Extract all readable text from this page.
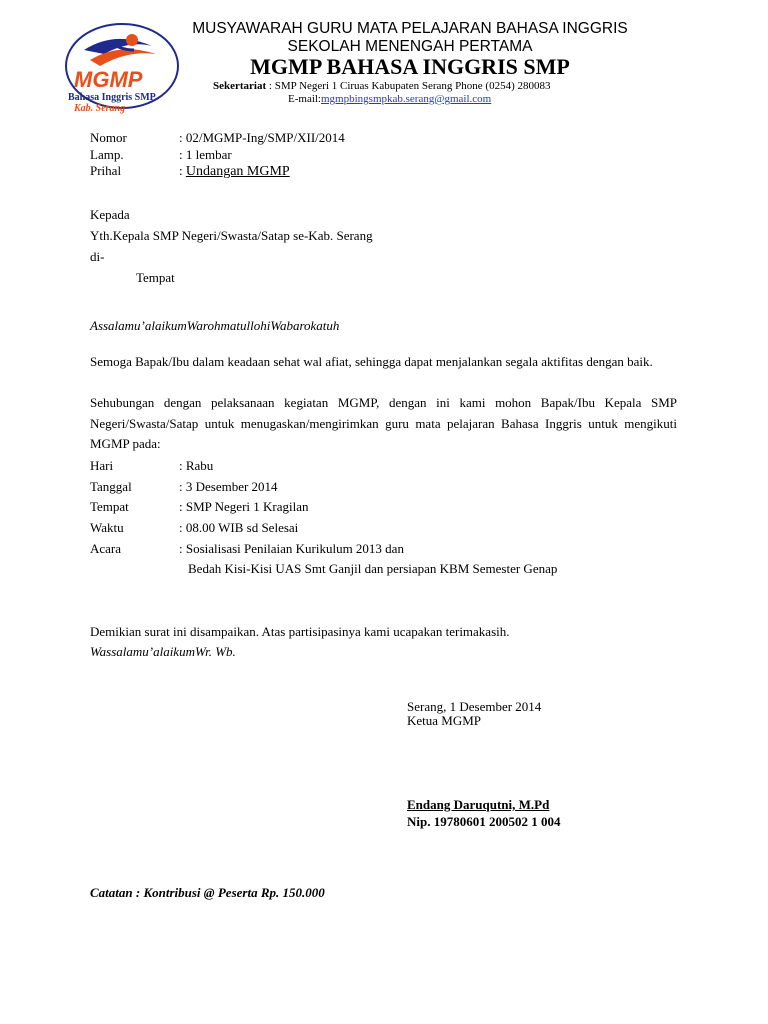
MGMP
Bahasa Inggris SMP
Kab. Serang
MUSYAWARAH GURU MATA PELAJARAN BAHASA INGGRIS
SEKOLAH MENENGAH PERTAMA
MGMP BAHASA INGGRIS SMP
Sekertariat : SMP Negeri 1 Ciruas Kabupaten Serang Phone (0254) 280083
E-mail:mgmpbingsmpkab.serang@gmail.com
Nomor	: 02/MGMP-Ing/SMP/XII/2014
Lamp.	: 1 lembar
Prihal	: Undangan MGMP
Kepada
Yth.Kepala SMP Negeri/Swasta/Satap se-Kab. Serang
di-
Tempat
Assalamu’alaikumWarohmatullohiWabarokatuh
Semoga Bapak/Ibu dalam keadaan sehat wal afiat, sehingga dapat menjalankan segala aktifitas dengan baik.
Sehubungan dengan pelaksanaan kegiatan MGMP, dengan ini kami mohon Bapak/Ibu Kepala SMP Negeri/Swasta/Satap untuk menugaskan/mengirimkan guru mata pelajaran Bahasa Inggris untuk mengikuti MGMP pada:
Hari	: Rabu
Tanggal	: 3 Desember 2014
Tempat	: SMP Negeri 1 Kragilan
Waktu	: 08.00 WIB sd Selesai
Acara	: Sosialisasi Penilaian Kurikulum 2013 dan
Bedah Kisi-Kisi UAS Smt Ganjil dan persiapan KBM Semester Genap
Demikian surat ini disampaikan. Atas partisipasinya kami ucapakan terimakasih.
Wassalamu’alaikumWr. Wb.
Serang, 1 Desember 2014
Ketua MGMP
Endang Daruqutni, M.Pd
Nip. 19780601 200502 1 004
Catatan : Kontribusi @ Peserta Rp. 150.000
